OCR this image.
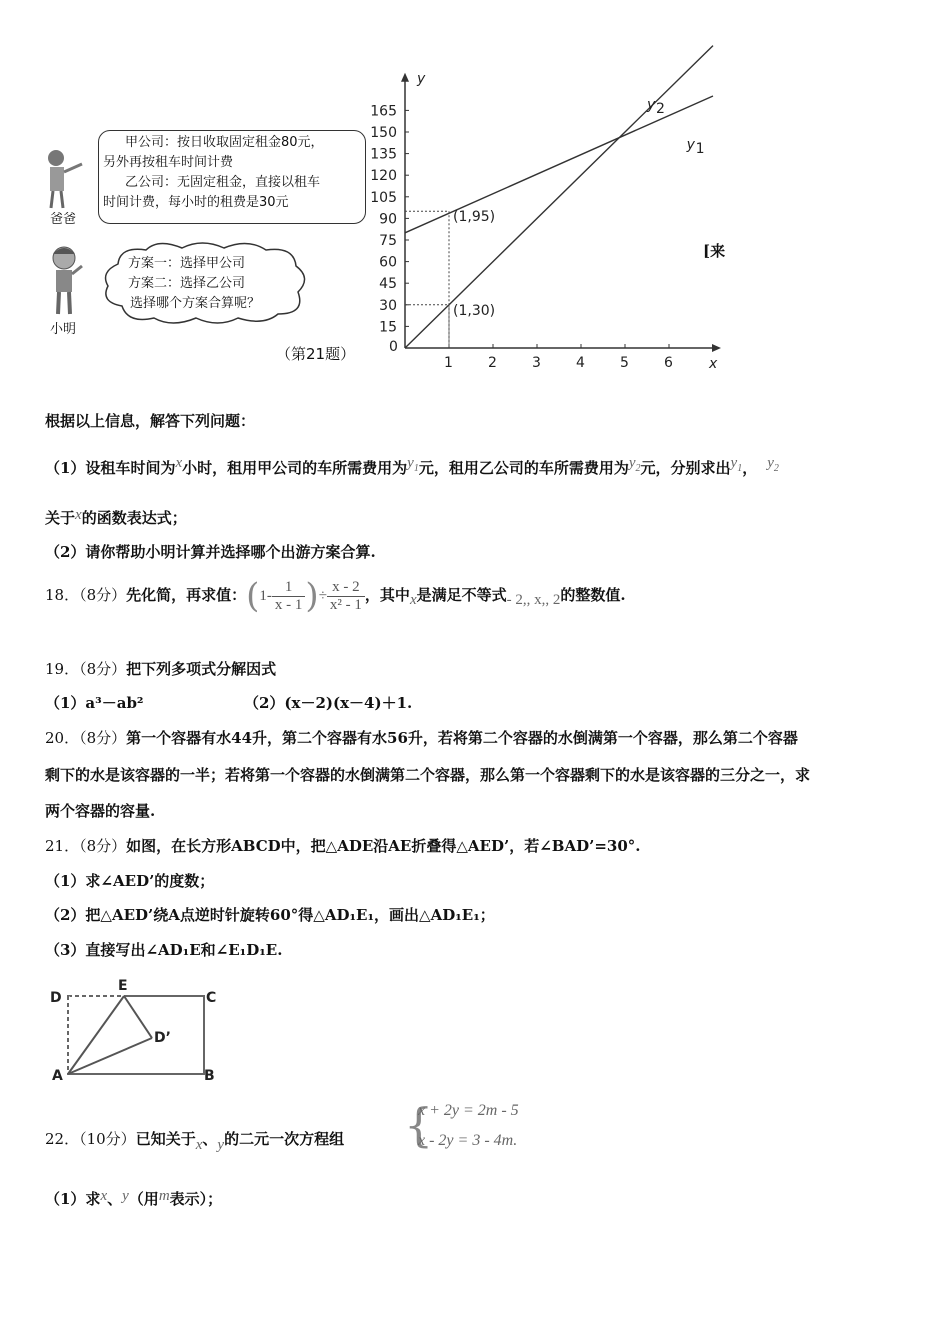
爸爸
甲公司：按日收取固定租金80元，
另外再按租车时间计费
乙公司：无固定租金，直接以租车
时间计费，每小时的租费是30元
小明
方案一：选择甲公司
方案二：选择乙公司
选择哪个方案合算呢？
（第21题）
x
y
0
1	2	3	4	5	6
15
30
45
60
75
90
105
120
135
150
165
y 1
y 2
(1,95)
(1,30)
[来
根据以上信息，解答下列问题：
（1）设租车时间为x小时，租用甲公司的车所需费用为$y_1$元，租用乙公司的车所需费用为$y_2$元，分别求出$y_1$， $y_2$
关于x的函数表达式；
（2）请你帮助小明计算并选择哪个出游方案合算.
18．（8分）先化简，再求值：($1- \frac{1}{x - 1}$ )÷ $\frac{x - 2}{\text{x² - 1}}$ ，其中x是满足不等式- 2,, x,, 2的整数值.
19．（8分）把下列多项式分解因式
（1）a³－ab²	（2）(x－2)(x－4)＋1.
20．（8分）第一个容器有水44升，第二个容器有水56升，若将第二个容器的水倒满第一个容器，那么第二个容器
剩下的水是该容器的一半；若将第一个容器的水倒满第二个容器，那么第一个容器剩下的水是该容器的三分之一，求
两个容器的容量.
21．（8分）如图，在长方形ABCD中，把△ADE沿AE折叠得△AED’，若∠BAD’=30°.
（1）求∠AED’的度数；
（2）把△AED’绕A点逆时针旋转60°得△AD₁E₁，画出△AD₁E₁；
（3）直接写出∠AD₁E和∠E₁D₁E.
D
E
C
D’
A	B
22．（10分）已知关于x、y的二元一次方程组 {
x + 2y = 2m - 5
x - 2y = 3 - 4m.
（1）求x、y（用m表示）；
